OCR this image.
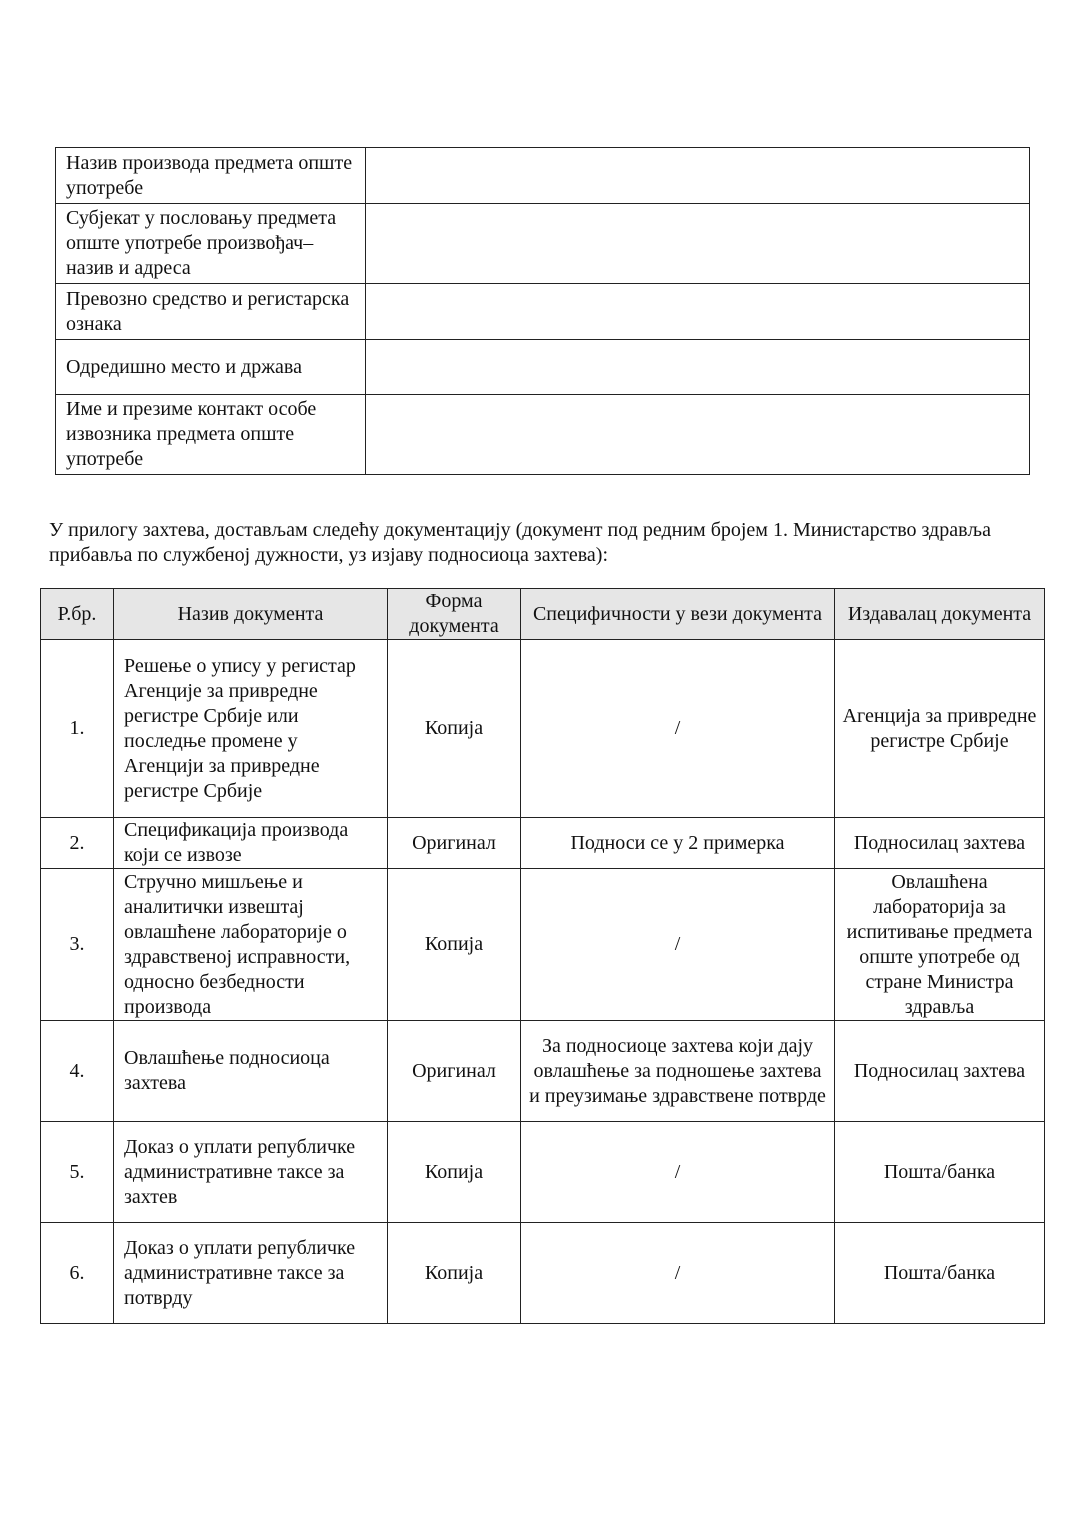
Назив производа предмета опште употребе	
Субјекат у пословању предмета опште употребе произвођач– назив и адреса	
Превозно средство и регистарска ознака	
Одредишно место и држава	
Име и презиме контакт особе извозника предмета опште употребе	

У прилогу захтева, достављам следећу документацију (документ под редним бројем 1. Министарство здравља прибавља по службеној дужности, уз изјаву подносиоца захтева):

Р.бр.	Назив документа	Форма документа	Специфичности у вези документа	Издавалац документа
1.	Решење о упису у регистар Агенције за привредне регистре Србије или последње промене у Агенцији за привредне регистре Србије	Копија	/	Агенција за привредне регистре Србије
2.	Спецификација производа који се извозе	Оригинал	Подноси се у 2 примерка	Подносилац захтева
3.	Стручно мишљење и аналитички извештај овлашћене лабораторије о здравственој исправности, односно безбедности производа	Копија	/	Овлашћена лабораторија за испитивање предмета опште употребе од стране Министра здравља
4.	Овлашћење подносиоца захтева	Оригинал	За подносиоце захтева који дају овлашћење за подношење захтева и преузимање здравствене потврде	Подносилац захтева
5.	Доказ о уплати републичке административне таксе за захтев	Копија	/	Пошта/банка
6.	Доказ о уплати републичке административне таксе за потврду	Копија	/	Пошта/банка
